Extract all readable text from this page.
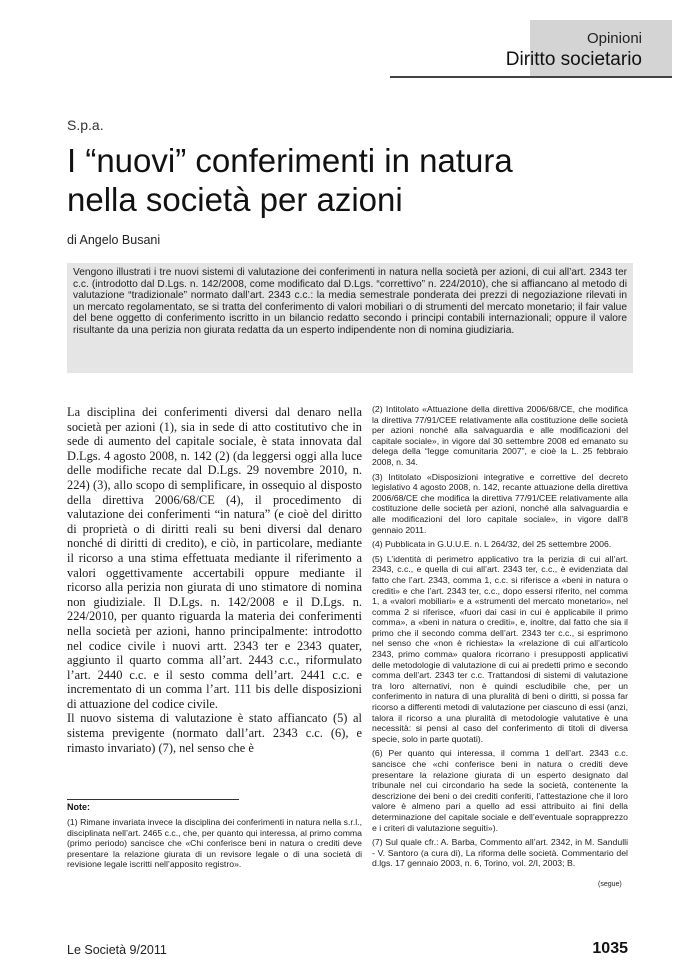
Opinioni
Diritto societario
S.p.a.
I “nuovi” conferimenti in natura
nella società per azioni
di Angelo Busani

Vengono illustrati i tre nuovi sistemi di valutazione dei conferimenti in natura nella società per azioni, di cui all’art. 2343 ter c.c. (introdotto dal D.Lgs. n. 142/2008, come modificato dal D.Lgs. “correttivo” n. 224/2010), che si affiancano al metodo di valutazione “tradizionale” normato dall’art. 2343 c.c.: la media semestrale ponderata dei prezzi di negoziazione rilevati in un mercato regolamentato, se si tratta del conferimento di valori mobiliari o di strumenti del mercato monetario; il fair value del bene oggetto di conferimento iscritto in un bilancio redatto secondo i principi contabili internazionali; oppure il valore risultante da una perizia non giurata redatta da un esperto indipendente non di nomina giudiziaria.

La disciplina dei conferimenti diversi dal denaro nella società per azioni (1), sia in sede di atto costitutivo che in sede di aumento del capitale sociale, è stata innovata dal D.Lgs. 4 agosto 2008, n. 142 (2) (da leggersi oggi alla luce delle modifiche recate dal D.Lgs. 29 novembre 2010, n. 224) (3), allo scopo di semplificare, in ossequio al disposto della direttiva 2006/68/CE (4), il procedimento di valutazione dei conferimenti “in natura” (e cioè del diritto di proprietà o di diritti reali su beni diversi dal denaro nonché di diritti di credito), e ciò, in particolare, mediante il ricorso a una stima effettuata mediante il riferimento a valori oggettivamente accertabili oppure mediante il ricorso alla perizia non giurata di uno stimatore di nomina non giudiziale. Il D.Lgs. n. 142/2008 e il D.Lgs. n. 224/2010, per quanto riguarda la materia dei conferimenti nella società per azioni, hanno principalmente: introdotto nel codice civile i nuovi artt. 2343 ter e 2343 quater, aggiunto il quarto comma all’art. 2443 c.c., riformulato l’art. 2440 c.c. e il sesto comma dell’art. 2441 c.c. e incrementato di un comma l’art. 111 bis delle disposizioni di attuazione del codice civile.

Il nuovo sistema di valutazione è stato affiancato (5) al sistema previgente (normato dall’art. 2343 c.c. (6), e rimasto invariato) (7), nel senso che è

Note:
(1) Rimane invariata invece la disciplina dei conferimenti in natura nella s.r.l., disciplinata nell’art. 2465 c.c., che, per quanto qui interessa, al primo comma (primo periodo) sancisce che «Chi conferisce beni in natura o crediti deve presentare la relazione giurata di un revisore legale o di una società di revisione legale iscritti nell’apposito registro».

(2) Intitolato «Attuazione della direttiva 2006/68/CE, che modifica la direttiva 77/91/CEE relativamente alla costituzione delle società per azioni nonché alla salvaguardia e alle modificazioni del capitale sociale», in vigore dal 30 settembre 2008 ed emanato su delega della “legge comunitaria 2007”, e cioè la L. 25 febbraio 2008, n. 34.

(3) Intitolato «Disposizioni integrative e correttive del decreto legislativo 4 agosto 2008, n. 142, recante attuazione della direttiva 2006/68/CE che modifica la direttiva 77/91/CEE relativamente alla costituzione delle società per azioni, nonché alla salvaguardia e alle modificazioni del loro capitale sociale», in vigore dall’8 gennaio 2011.

(4) Pubblicata in G.U.U.E. n. L 264/32, del 25 settembre 2006.

(5) L’identità di perimetro applicativo tra la perizia di cui all’art. 2343, c.c., e quella di cui all’art. 2343 ter, c.c., è evidenziata dal fatto che l’art. 2343, comma 1, c.c. si riferisce a «beni in natura o crediti» e che l’art. 2343 ter, c.c., dopo essersi riferito, nel comma 1, a «valori mobiliari» e a «strumenti del mercato monetario», nel comma 2 si riferisce, «fuori dai casi in cui è applicabile il primo comma», a «beni in natura o crediti», e, inoltre, dal fatto che sia il primo che il secondo comma dell’art. 2343 ter c.c., si esprimono nel senso che «non è richiesta» la «relazione di cui all’articolo 2343, primo comma» qualora ricorrano i presupposti applicativi delle metodologie di valutazione di cui ai predetti primo e secondo comma dell’art. 2343 ter c.c. Trattandosi di sistemi di valutazione tra loro alternativi, non è quindi escludibile che, per un conferimento in natura di una pluralità di beni o diritti, si possa far ricorso a differenti metodi di valutazione per ciascuno di essi (anzi, talora il ricorso a una pluralità di metodologie valutative è una necessità: si pensi al caso del conferimento di titoli di diversa specie, solo in parte quotati).

(6) Per quanto qui interessa, il comma 1 dell’art. 2343 c.c. sancisce che «chi conferisce beni in natura o crediti deve presentare la relazione giurata di un esperto designato dal tribunale nel cui circondario ha sede la società, contenente la descrizione dei beni o dei crediti conferiti, l’attestazione che il loro valore è almeno pari a quello ad essi attribuito ai fini della determinazione del capitale sociale e dell’eventuale soprapprezzo e i criteri di valutazione seguiti»).

(7) Sul quale cfr.: A. Barba, Commento all’art. 2342, in M. Sandulli - V. Santoro (a cura di), La riforma delle società. Commentario del d.lgs. 17 gennaio 2003, n. 6, Torino, vol. 2/I, 2003; B.

(segue)
Le Società 9/2011	1035
